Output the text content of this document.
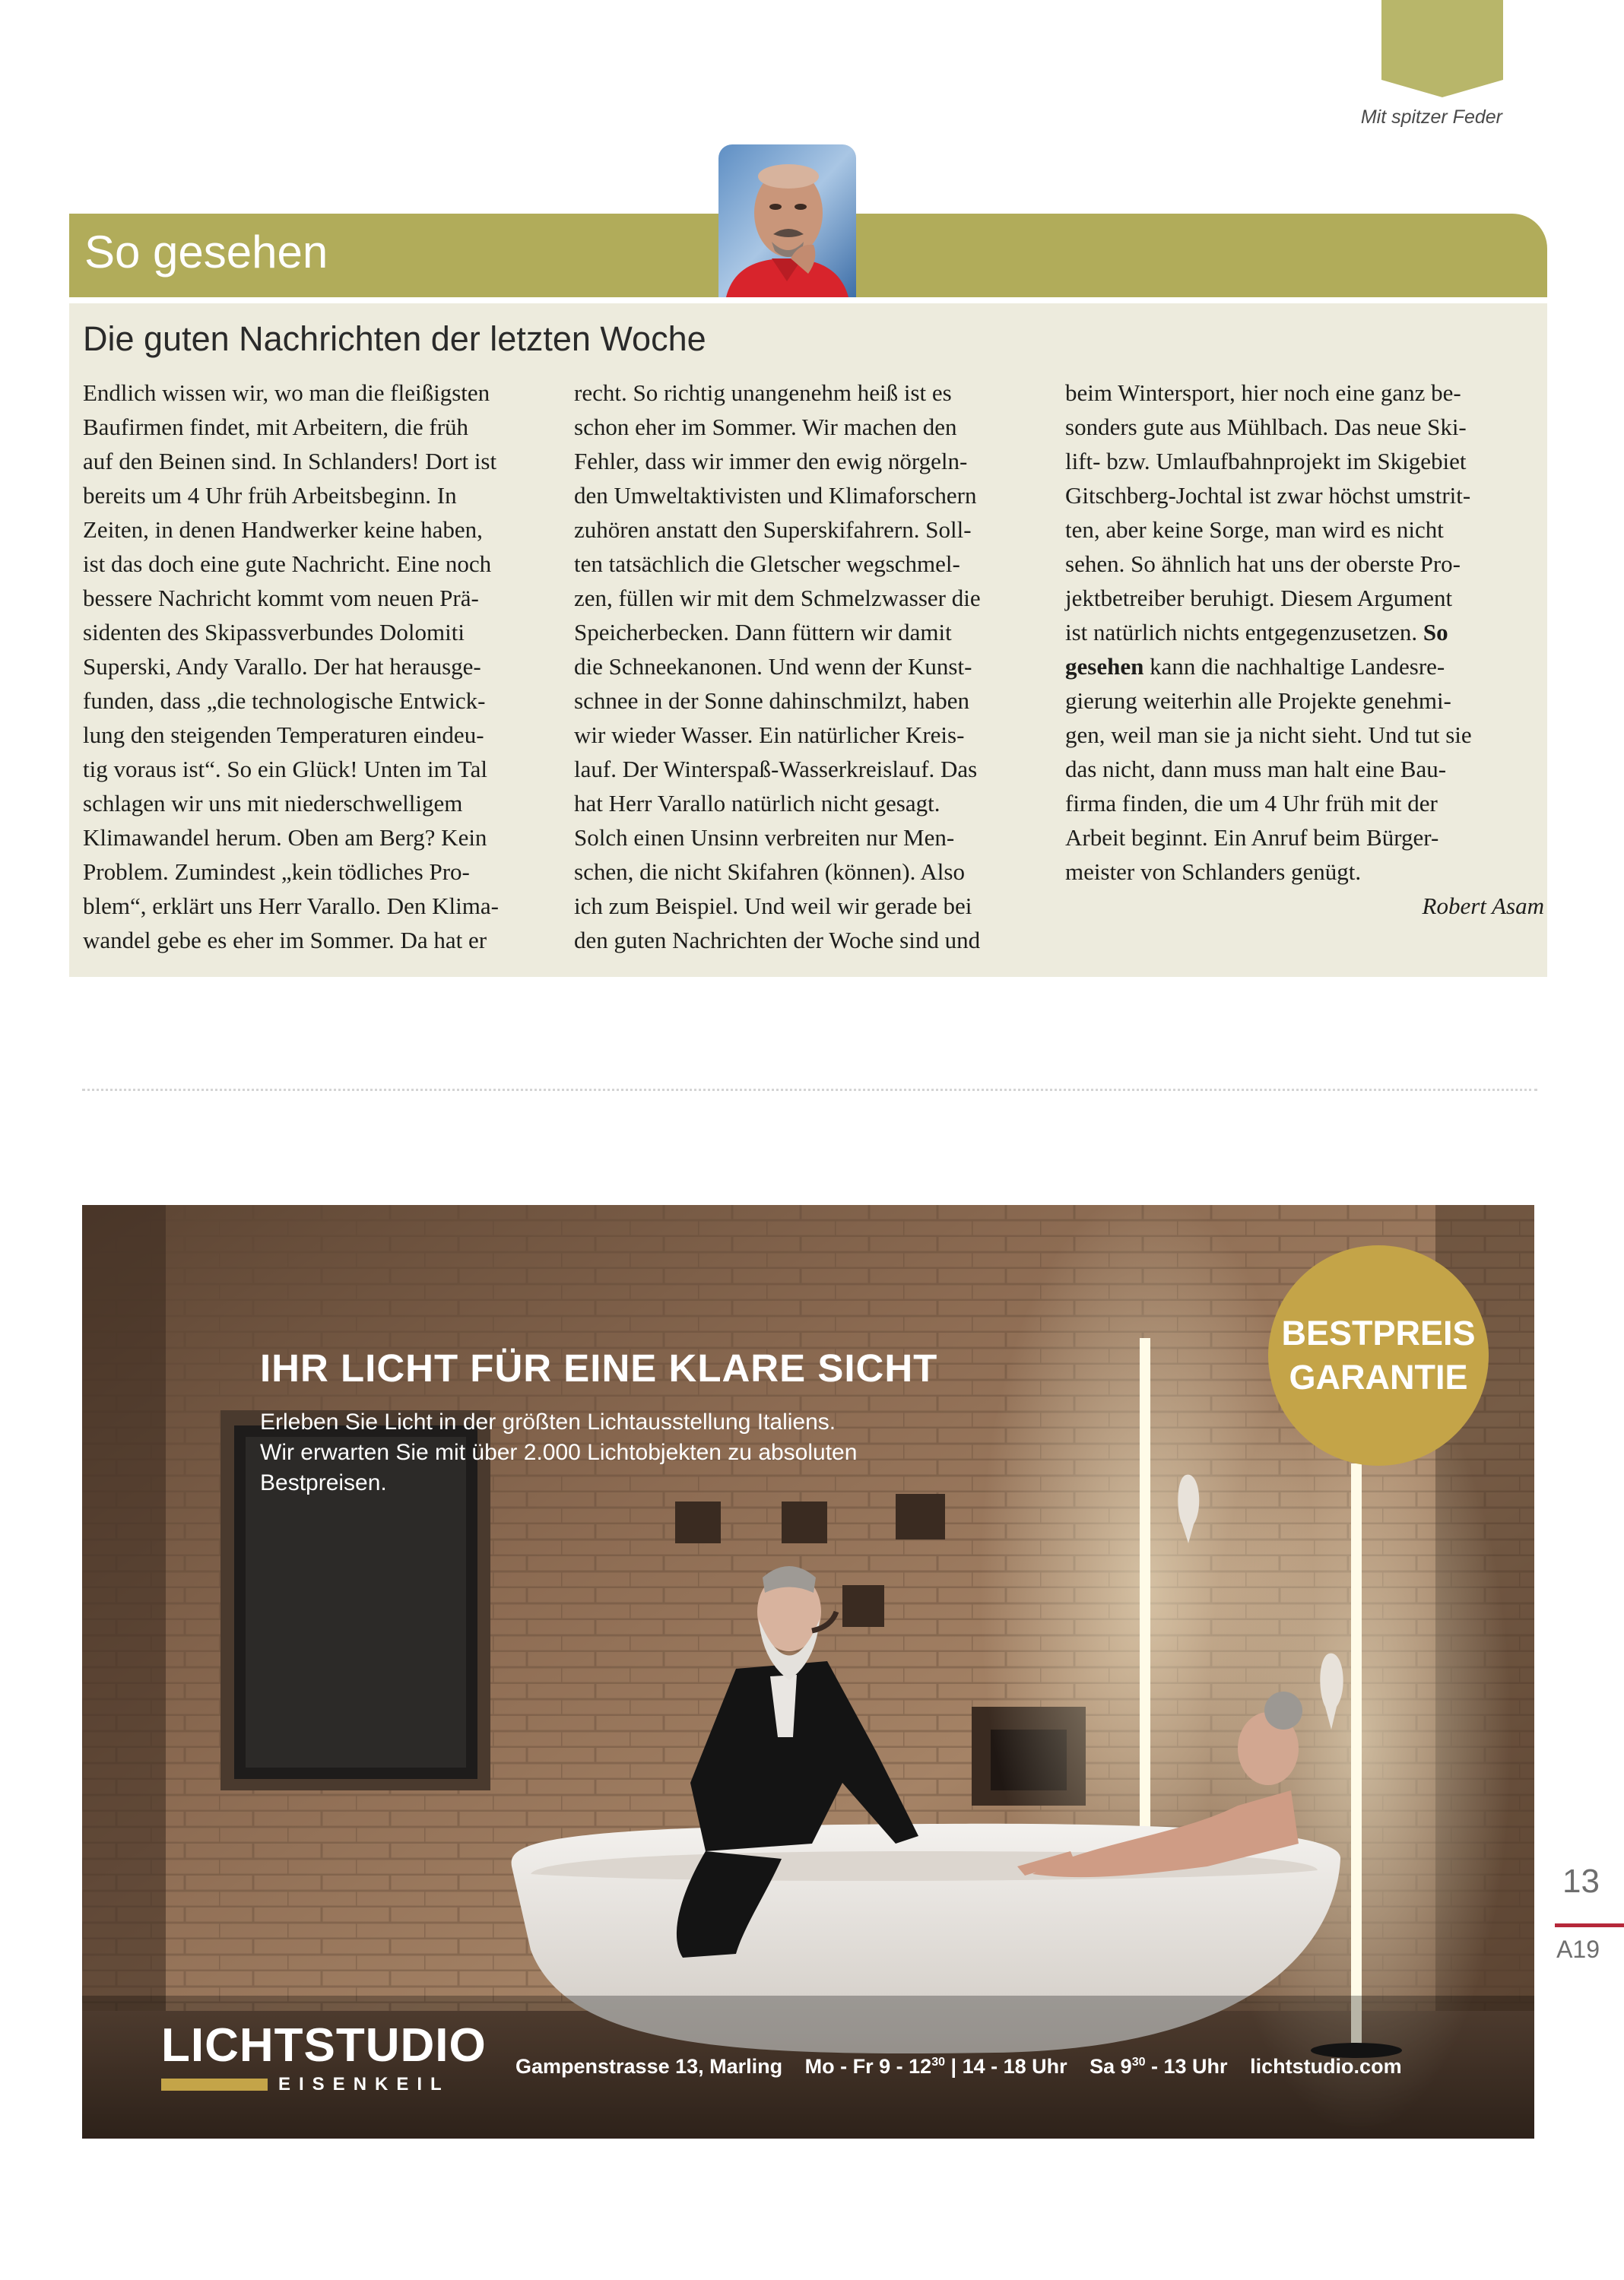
Mit spitzer Feder
So gesehen
Die guten Nachrichten der letzten Woche

Endlich wissen wir, wo man die fleißigsten

Baufirmen findet, mit Arbeitern, die früh

auf den Beinen sind. In Schlanders! Dort ist

bereits um 4 Uhr früh Arbeitsbeginn. In

Zeiten, in denen Handwerker keine haben,

ist das doch eine gute Nachricht. Eine noch

bessere Nachricht kommt vom neuen Prä-

sidenten des Skipassverbundes Dolomiti

Superski, Andy Varallo. Der hat herausge-

funden, dass „die technologische Entwick-

lung den steigenden Temperaturen eindeu-

tig voraus ist“. So ein Glück! Unten im Tal

schlagen wir uns mit niederschwelligem

Klimawandel herum. Oben am Berg? Kein

Problem. Zumindest „kein tödliches Pro-

blem“, erklärt uns Herr Varallo. Den Klima-

wandel gebe es eher im Sommer. Da hat er

recht. So richtig unangenehm heiß ist es

schon eher im Sommer. Wir machen den

Fehler, dass wir immer den ewig nörgeln-

den Umweltaktivisten und Klimaforschern

zuhören anstatt den Superskifahrern. Soll-

ten tatsächlich die Gletscher wegschmel-

zen, füllen wir mit dem Schmelzwasser die

Speicherbecken. Dann füttern wir damit

die Schneekanonen. Und wenn der Kunst-

schnee in der Sonne dahinschmilzt, haben

wir wieder Wasser. Ein natürlicher Kreis-

lauf. Der Winterspaß-Wasserkreislauf. Das

hat Herr Varallo natürlich nicht gesagt.

Solch einen Unsinn verbreiten nur Men-

schen, die nicht Skifahren (können). Also

ich zum Beispiel. Und weil wir gerade bei

den guten Nachrichten der Woche sind und

beim Wintersport, hier noch eine ganz be-

sonders gute aus Mühlbach. Das neue Ski-

lift- bzw. Umlaufbahnprojekt im Skigebiet

Gitschberg-Jochtal ist zwar höchst umstrit-

ten, aber keine Sorge, man wird es nicht

sehen. So ähnlich hat uns der oberste Pro-

jektbetreiber beruhigt. Diesem Argument

ist natürlich nichts entgegenzusetzen. So

gesehen kann die nachhaltige Landesre-

gierung weiterhin alle Projekte genehmi-

gen, weil man sie ja nicht sieht. Und tut sie

das nicht, dann muss man halt eine Bau-

firma finden, die um 4 Uhr früh mit der

Arbeit beginnt. Ein Anruf beim Bürger-

meister von Schlanders genügt.

Robert Asam

IHR LICHT FÜR EINE KLARE SICHT

Erleben Sie Licht in der größten Lichtausstellung Italiens.

Wir erwarten Sie mit über 2.000 Lichtobjekten zu absoluten

Bestpreisen.

BESTPREIS
GARANTIE
LICHTSTUDIO
EISENKEIL
Gampenstrasse 13, Marling Mo - Fr $9 - 12^{30}$ | 14 - 18 Uhr Sa $9^{30} - 13$ Uhr lichtstudio.com
13
A19
